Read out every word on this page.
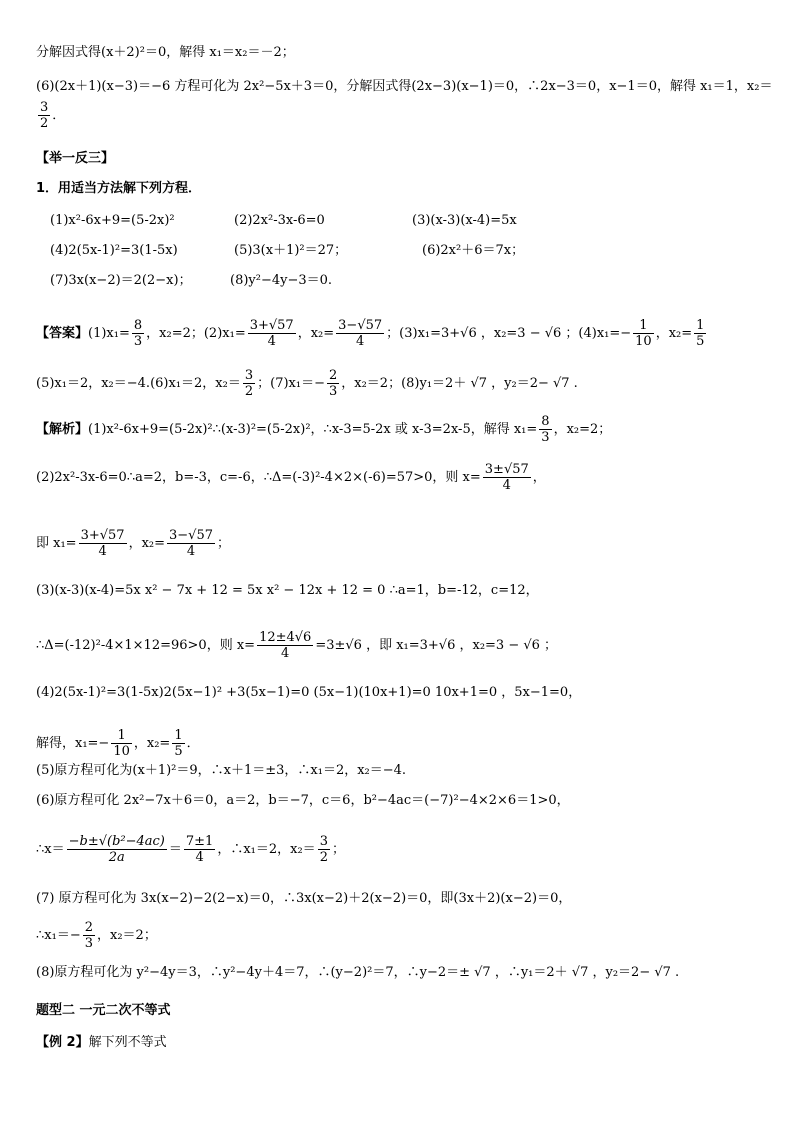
分解因式得(x＋2)²＝0，解得 x₁＝x₂＝－2；
(6)(2x＋1)(x−3)＝−6 方程可化为 2x²−5x＋3＝0，分解因式得(2x−3)(x−1)＝0，∴2x−3＝0，x−1＝0，解得 x₁＝1，x₂＝
$\frac{3}{2}$ ．
【举一反三】
1．用适当方法解下列方程．
(1)x²-6x+9=(5-2x)²	(2)2x²-3x-6=0	(3)(x-3)(x-4)=5x
(4)2(5x-1)²=3(1-5x)	(5)3(x＋1)²＝27；	(6)2x²＋6＝7x；
(7)3x(x−2)＝2(2−x)；	(8)y²−4y−3＝0.
【答案】$(1)x_1= \frac{8}{3}$ ，x₂=2；$(2)x_1= \frac{3+√57}{4}$ ，$x_2= \frac{3-√57}{4}$ ；(3)x₁=3+√6 ，x₂=3 − √6 ；$(4)x_1=- \frac{1}{10}$ ，$x_2= \frac{1}{5}$
(5)x₁＝2，x₂＝−4.(6)x₁＝2，$x_2= \frac{3}{2}$ ；$(7)x_1=- \frac{2}{3}$ ，x₂＝2；(8)y₁＝2＋ √7 ，y₂＝2− √7 .
【解析】(1)x²-6x+9=(5-2x)²∴(x-3)²=(5-2x)²，∴x-3=5-2x 或 x-3=2x-5，解得 $x_1= \frac{8}{3}$ ，x₂=2；
(2)2x²-3x-6=0∴a=2，b=-3，c=-6，∴Δ=(-3)²-4×2×(-6)=57>0，则 $x= \frac{3\pm√57}{4}$ ，
即 $x_1= \frac{3+√57}{4}$ ，$x_2= \frac{3-√57}{4}$ ；
(3)(x-3)(x-4)=5x x² − 7x + 12 = 5x x² − 12x + 12 = 0 ∴a=1，b=-12，c=12，
∴Δ=(-12)²-4×1×12=96>0，则 $x= \frac{12\pm 4√6}{4} =3\pm√6$ ，即 x₁=3+√6 ，x₂=3 − √6 ；
(4)2(5x-1)²=3(1-5x)2(5x−1)² +3(5x−1)=0 (5x−1)(10x+1)=0 10x+1=0 ，5x−1=0，
解得，$x_1=- \frac{1}{10}$ ，$x_2= \frac{1}{5}$ ．
(5)原方程可化为(x＋1)²＝9，∴x＋1＝±3，∴x₁＝2，x₂＝−4.
(6)原方程可化 2x²−7x＋6＝0，a＝2，b＝−7，c＝6，b²−4ac＝(−7)²−4×2×6＝1>0，
∴x＝ $\frac{\text{−b±√(b²−4ac)}}{2a} = \frac{7\pm 1}{4}$ ，∴x₁＝2，$x_2= \frac{3}{2}$ ；
(7) 原方程可化为 3x(x−2)−2(2−x)＝0，∴3x(x−2)＋2(x−2)＝0，即(3x＋2)(x−2)＝0，
∴x₁＝− $\frac{2}{3}$ ，x₂＝2；
(8)原方程可化为 y²−4y＝3，∴y²−4y＋4＝7，∴(y−2)²＝7，∴y−2＝± √7 ，∴y₁＝2＋ √7 ，y₂＝2− √7 .
题型二 一元二次不等式
【例 2】解下列不等式
